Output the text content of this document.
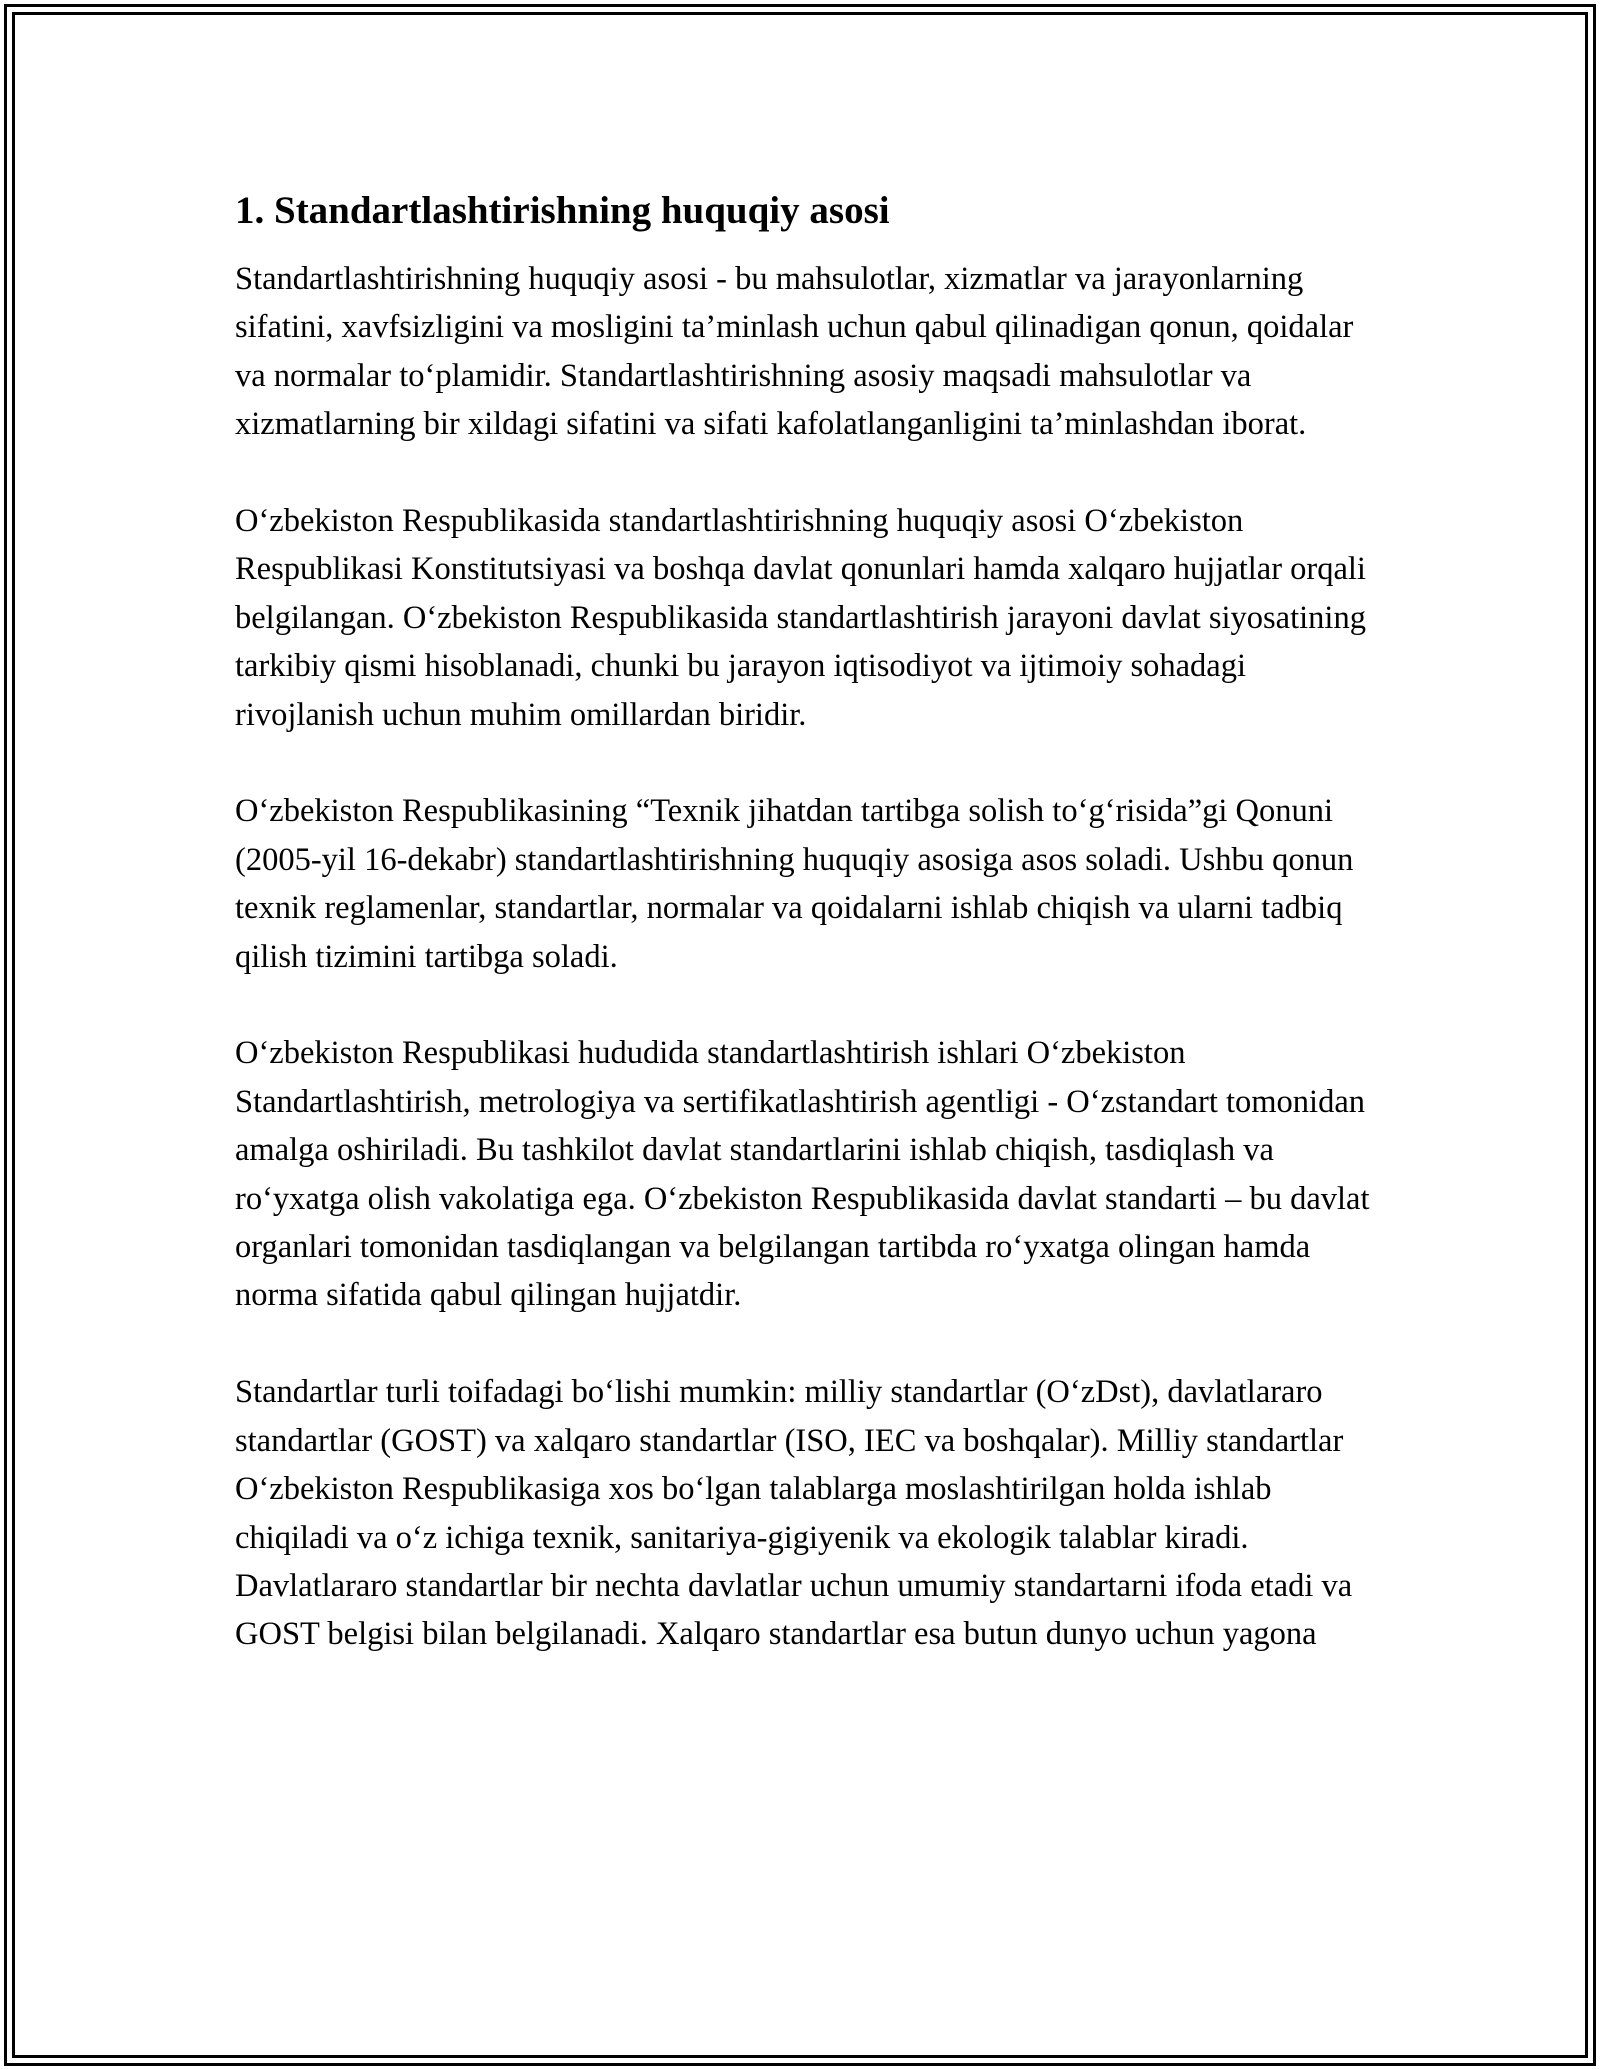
1. Standartlashtirishning huquqiy asosi

Standartlashtirishning huquqiy asosi - bu mahsulotlar, xizmatlar va jarayonlarning sifatini, xavfsizligini va mosligini ta’minlash uchun qabul qilinadigan qonun, qoidalar va normalar to‘plamidir. Standartlashtirishning asosiy maqsadi mahsulotlar va xizmatlarning bir xildagi sifatini va sifati kafolatlanganligini ta’minlashdan iborat.

O‘zbekiston Respublikasida standartlashtirishning huquqiy asosi O‘zbekiston Respublikasi Konstitutsiyasi va boshqa davlat qonunlari hamda xalqaro hujjatlar orqali belgilangan. O‘zbekiston Respublikasida standartlashtirish jarayoni davlat siyosatining tarkibiy qismi hisoblanadi, chunki bu jarayon iqtisodiyot va ijtimoiy sohadagi rivojlanish uchun muhim omillardan biridir.

O‘zbekiston Respublikasining “Texnik jihatdan tartibga solish to‘g‘risida”gi Qonuni (2005-yil 16-dekabr) standartlashtirishning huquqiy asosiga asos soladi. Ushbu qonun texnik reglamenlar, standartlar, normalar va qoidalarni ishlab chiqish va ularni tadbiq qilish tizimini tartibga soladi.

O‘zbekiston Respublikasi hududida standartlashtirish ishlari O‘zbekiston Standartlashtirish, metrologiya va sertifikatlashtirish agentligi - O‘zstandart tomonidan amalga oshiriladi. Bu tashkilot davlat standartlarini ishlab chiqish, tasdiqlash va ro‘yxatga olish vakolatiga ega. O‘zbekiston Respublikasida davlat standarti – bu davlat organlari tomonidan tasdiqlangan va belgilangan tartibda ro‘yxatga olingan hamda norma sifatida qabul qilingan hujjatdir.

Standartlar turli toifadagi bo‘lishi mumkin: milliy standartlar (O‘zDst), davlatlararo standartlar (GOST) va xalqaro standartlar (ISO, IEC va boshqalar). Milliy standartlar O‘zbekiston Respublikasiga xos bo‘lgan talablarga moslashtirilgan holda ishlab chiqiladi va o‘z ichiga texnik, sanitariya-gigiyenik va ekologik talablar kiradi. Davlatlararo standartlar bir nechta davlatlar uchun umumiy standartarni ifoda etadi va GOST belgisi bilan belgilanadi. Xalqaro standartlar esa butun dunyo uchun yagona
